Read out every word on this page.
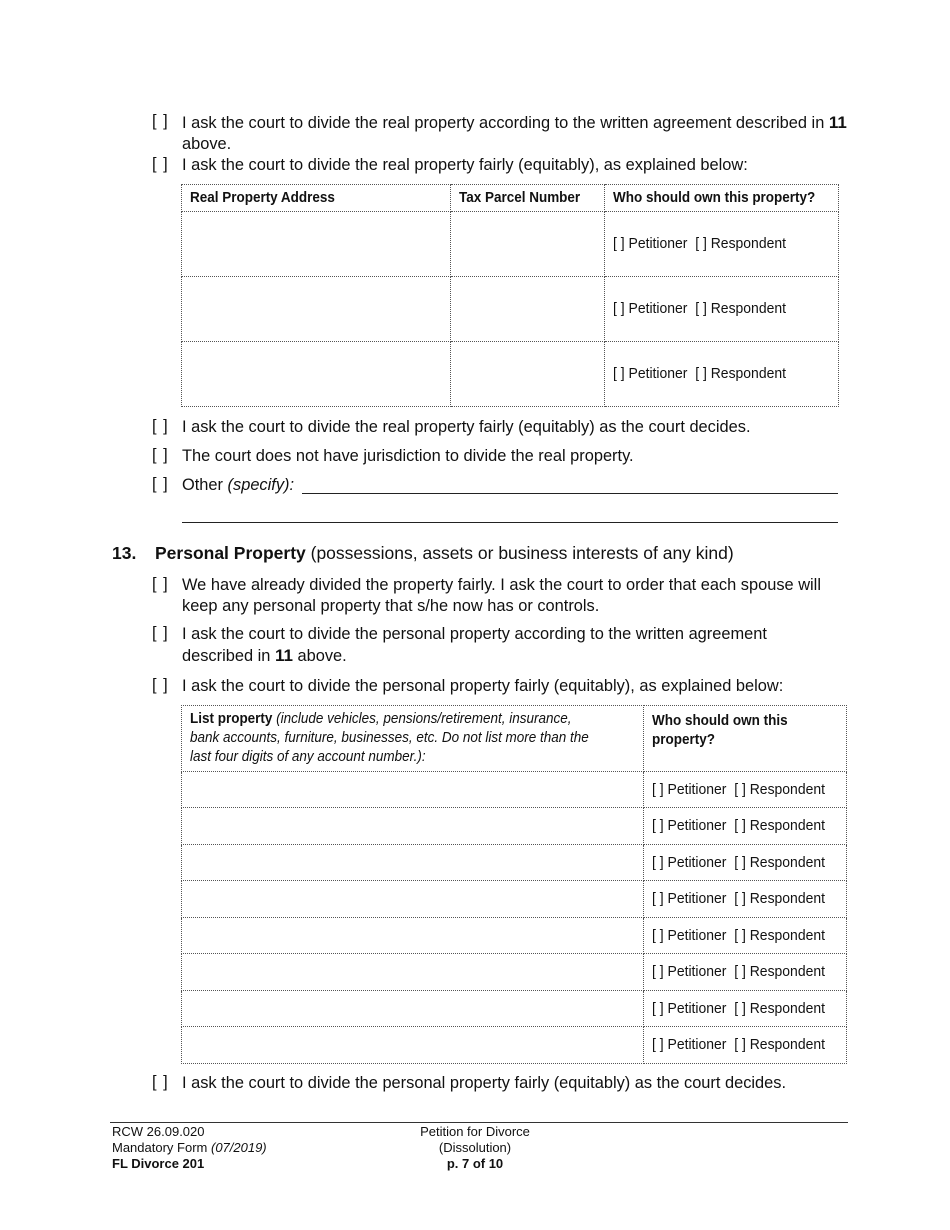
[ ] I ask the court to divide the real property according to the written agreement described in 11 above.
[ ] I ask the court to divide the real property fairly (equitably), as explained below:
Real Property Address	Tax Parcel Number	Who should own this property?
		[ ] Petitioner [ ] Respondent
		[ ] Petitioner [ ] Respondent
		[ ] Petitioner [ ] Respondent
[ ] I ask the court to divide the real property fairly (equitably) as the court decides.
[ ] The court does not have jurisdiction to divide the real property.
[ ] Other (specify):
13. Personal Property (possessions, assets or business interests of any kind)
[ ] We have already divided the property fairly. I ask the court to order that each spouse will keep any personal property that s/he now has or controls.
[ ] I ask the court to divide the personal property according to the written agreement described in 11 above.
[ ] I ask the court to divide the personal property fairly (equitably), as explained below:
List property (include vehicles, pensions/retirement, insurance, bank accounts, furniture, businesses, etc. Do not list more than the last four digits of any account number.):	Who should own this property?

	[ ] Petitioner [ ] Respondent
	[ ] Petitioner [ ] Respondent
	[ ] Petitioner [ ] Respondent
	[ ] Petitioner [ ] Respondent
	[ ] Petitioner [ ] Respondent
	[ ] Petitioner [ ] Respondent
	[ ] Petitioner [ ] Respondent
	[ ] Petitioner [ ] Respondent
[ ] I ask the court to divide the personal property fairly (equitably) as the court decides.
RCW 26.09.020
Mandatory Form (07/2019)
FL Divorce 201
Petition for Divorce
(Dissolution)
p. 7 of 10
